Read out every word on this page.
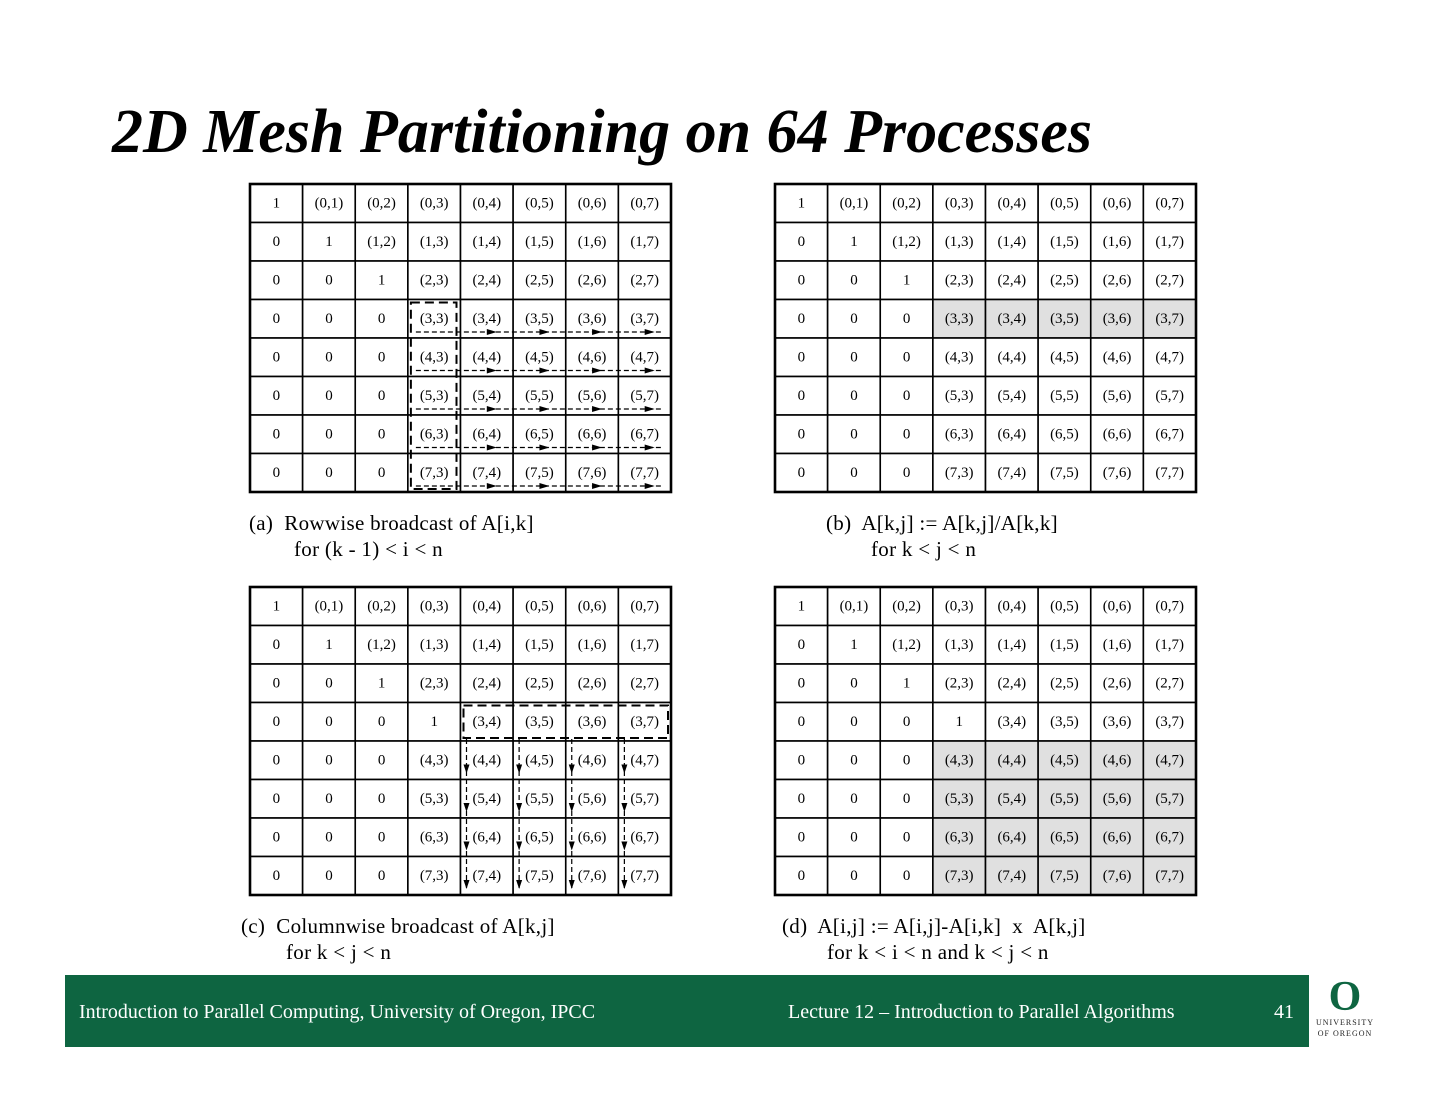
2D Mesh Partitioning on 64 Processes
1 (0,1) (0,2) (0,3) (0,4) (0,5) (0,6) (0,7)
0	1 (1,2) (1,3) (1,4) (1,5) (1,6) (1,7)
0	0	1 (2,3) (2,4) (2,5) (2,6) (2,7)
0	0	0 (3,3) (3,4) (3,5) (3,6) (3,7)
0	0	0 (4,3) (4,4) (4,5) (4,6) (4,7)
0	0	0 (5,3) (5,4) (5,5) (5,6) (5,7)
0	0	0 (6,3) (6,4) (6,5) (6,6) (6,7)
0	0	0 (7,3) (7,4) (7,5) (7,6) (7,7)
(a)  Rowwise broadcast of A[i,k]
for (k - 1) < i < n
1 (0,1) (0,2) (0,3) (0,4) (0,5) (0,6) (0,7)
0	1 (1,2) (1,3) (1,4) (1,5) (1,6) (1,7)
0	0	1 (2,3) (2,4) (2,5) (2,6) (2,7)
0	0	0 (3,3) (3,4) (3,5) (3,6) (3,7)
0	0	0 (4,3) (4,4) (4,5) (4,6) (4,7)
0	0	0 (5,3) (5,4) (5,5) (5,6) (5,7)
0	0	0 (6,3) (6,4) (6,5) (6,6) (6,7)
0	0	0 (7,3) (7,4) (7,5) (7,6) (7,7)
(b)  A[k,j] := A[k,j]/A[k,k]
for k < j < n
1 (0,1) (0,2) (0,3) (0,4) (0,5) (0,6) (0,7)
0	1 (1,2) (1,3) (1,4) (1,5) (1,6) (1,7)
0	0	1 (2,3) (2,4) (2,5) (2,6) (2,7)
0	0	0	1 (3,4) (3,5) (3,6) (3,7)
0	0	0 (4,3) (4,4) (4,5) (4,6) (4,7)
0	0	0 (5,3) (5,4) (5,5) (5,6) (5,7)
0	0	0 (6,3) (6,4) (6,5) (6,6) (6,7)
0	0	0 (7,3) (7,4) (7,5) (7,6) (7,7)
(c)  Columnwise broadcast of A[k,j]
for k < j < n
1 (0,1) (0,2) (0,3) (0,4) (0,5) (0,6) (0,7)
0	1 (1,2) (1,3) (1,4) (1,5) (1,6) (1,7)
0	0	1 (2,3) (2,4) (2,5) (2,6) (2,7)
0	0	0	1 (3,4) (3,5) (3,6) (3,7)
0	0	0 (4,3) (4,4) (4,5) (4,6) (4,7)
0	0	0 (5,3) (5,4) (5,5) (5,6) (5,7)
0	0	0 (6,3) (6,4) (6,5) (6,6) (6,7)
0	0	0 (7,3) (7,4) (7,5) (7,6) (7,7)
(d)  A[i,j] := A[i,j]-A[i,k]  x  A[k,j]
for k < i < n and k < j < n
Introduction to Parallel Computing, University of Oregon, IPCC	Lecture 12 – Introduction to Parallel Algorithms	41 O
UNIVERSITY
OF OREGON
